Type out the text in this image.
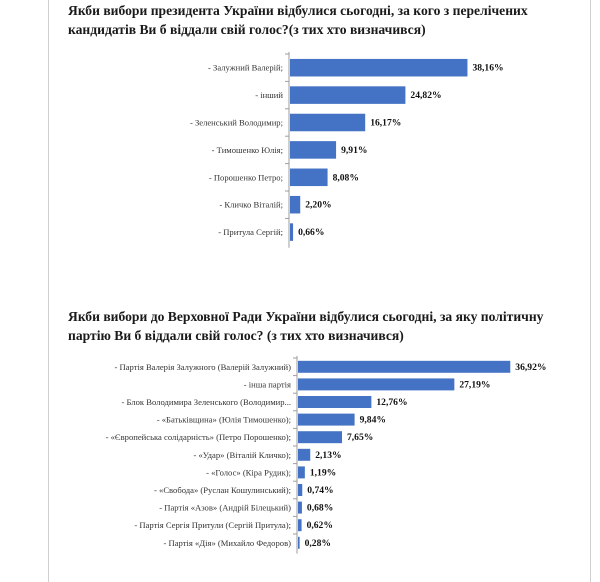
Якби вибори президента України відбулися сьогодні, за кого з перелічених кандидатів Ви б віддали свій голос?(з тих хто визначився)
- Залужний Валерій;	38,16%
- інший	24,82%
- Зеленський Володимир;	16,17%
- Тимошенко Юлія;	9,91%
- Порошенко Петро;	8,08%
- Кличко Віталій; 2,20%
- Притула Сергій; 0,66%
Якби вибори до Верховної Ради України відбулися сьогодні, за яку політичну партію Ви б віддали свій голос? (з тих хто визначився)
- Партія Валерія Залужного (Валерій Залужний)	36,92%
- інша партія	27,19%
- Блок Володимира Зеленського (Володимир...	12,76%
- «Батьківщина» (Юлія Тимошенко);	9,84%
- «Європейська солідарність» (Петро Порошенко);	7,65%
- «Удар» (Віталій Кличко);	2,13%
- «Голос» (Кіра Рудик); 1,19%
- «Свобода» (Руслан Кошулинський); 0,74%
- Партія «Азов» (Андрій Білецький) 0,68%
- Партія Сергія Притули (Сергій Притула); 0,62%
- Партія «Дія» (Михайло Федоров) 0,28%
